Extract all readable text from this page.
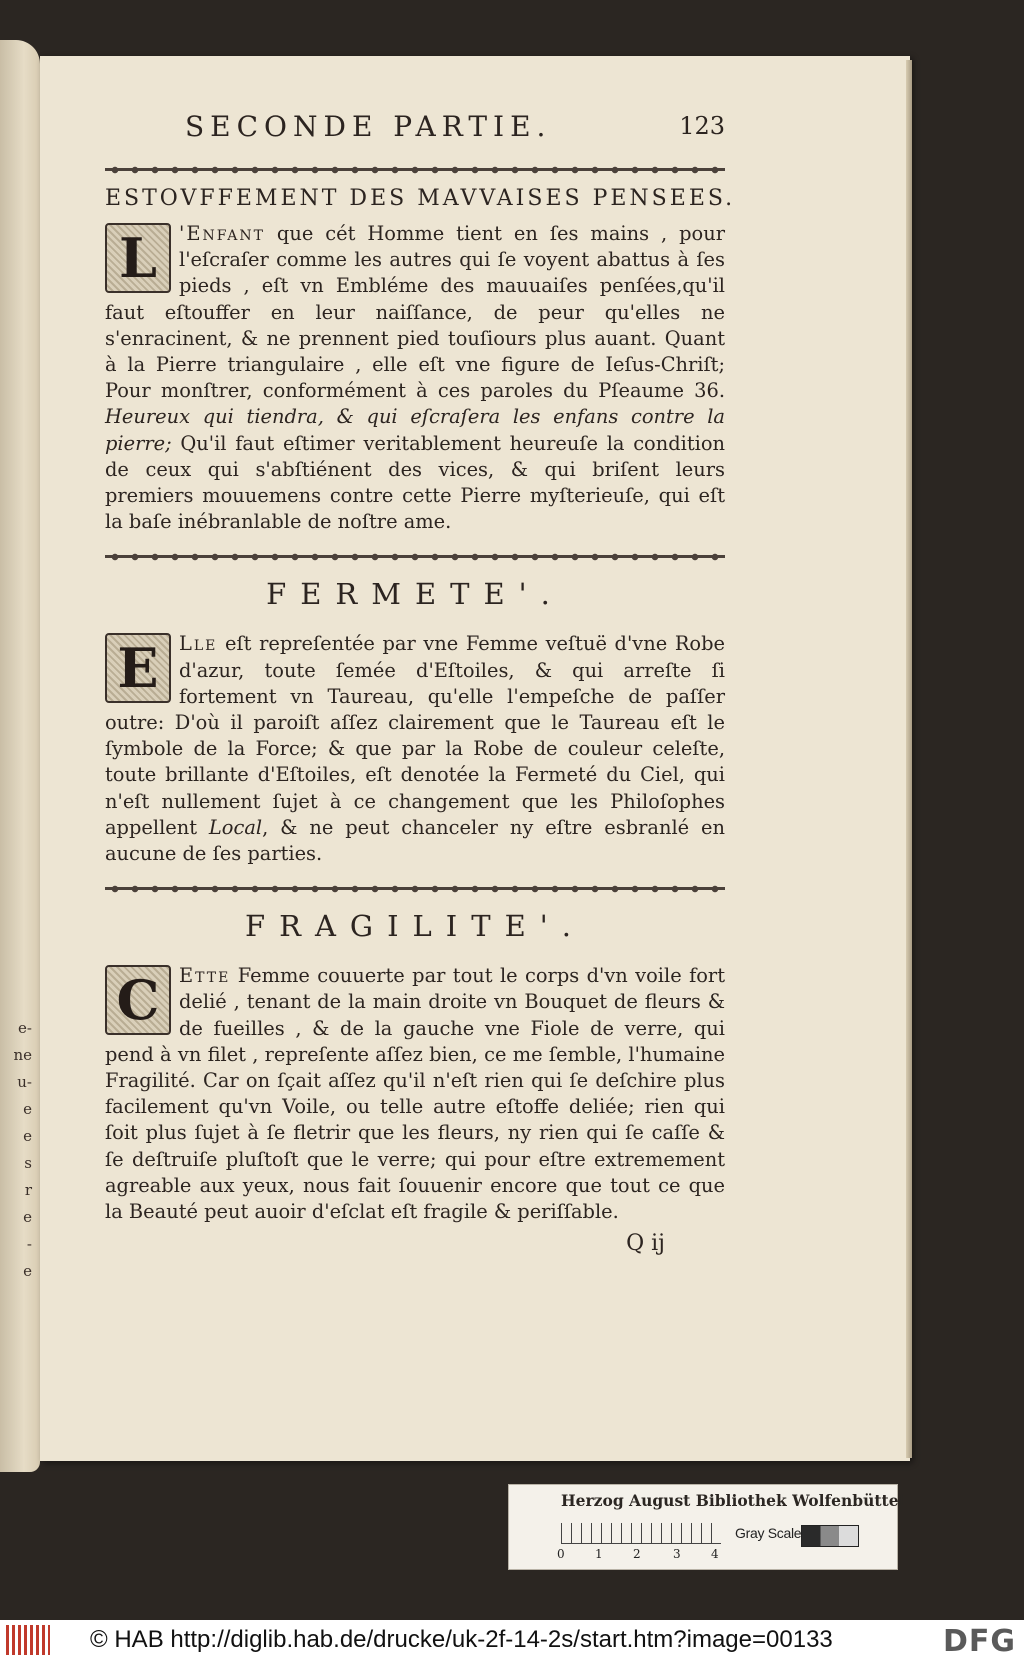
e-
ne
u-
e
e
s
r
e
-
e
SECONDE PARTIE.	123
ESTOVFFEMENT DES MAVVAISES PENSEES.

L	'Enfant que cét Homme tient en ſes mains , pour l'eſcraſer comme les autres qui ſe voyent abattus à ſes pieds , eſt vn Embléme des mauuaiſes penſées,qu'il faut eſtouffer en leur naiſſance, de peur qu'elles ne s'enracinent, & ne prennent pied touſiours plus auant. Quant à la Pierre triangulaire , elle eſt vne figure de Ieſus-Chriſt; Pour monſtrer, conformément à ces paroles du Pſeaume 36. Heureux qui tiendra, & qui eſcraſera les enfans contre la pierre; Qu'il faut eſtimer veritablement heureuſe la condition de ceux qui s'abſtiénent des vices, & qui briſent leurs premiers mouuemens contre cette Pierre myſterieuſe, qui eſt la baſe inébranlable de noſtre ame.

FERMETE'.

E	Lle eſt repreſentée par vne Femme veſtuë d'vne Robe d'azur, toute ſemée d'Eſtoiles, & qui arreſte ſi fortement vn Taureau, qu'elle l'empeſche de paſſer outre: D'où il paroiſt aſſez clairement que le Taureau eſt le ſymbole de la Force; & que par la Robe de couleur celeſte, toute brillante d'Eſtoiles, eſt denotée la Fermeté du Ciel, qui n'eſt nullement ſujet à ce changement que les Philoſophes appellent Local, & ne peut chanceler ny eſtre esbranlé en aucune de ſes parties.

FRAGILITE'.

C	Ette Femme couuerte par tout le corps d'vn voile fort delié , tenant de la main droite vn Bouquet de fleurs & de fueilles , & de la gauche vne Fiole de verre, qui pend à vn filet , repreſente aſſez bien, ce me ſemble, l'humaine Fragilité. Car on ſçait aſſez qu'il n'eſt rien qui ſe deſchire plus facilement qu'vn Voile, ou telle autre eſtoffe deliée; rien qui ſoit plus ſujet à ſe fletrir que les fleurs, ny rien qui ſe caſſe & ſe deſtruiſe pluſtoſt que le verre; qui pour eſtre extremement agreable aux yeux, nous fait ſouuenir encore que tout ce que la Beauté peut auoir d'eſclat eſt fragile & periſſable.

Q ij
Herzog August Bibliothek Wolfenbüttel
0	1	2	3	4
Gray Scale
© HAB http://diglib.hab.de/drucke/uk-2f-14-2s/start.htm?image=00133	DFG
